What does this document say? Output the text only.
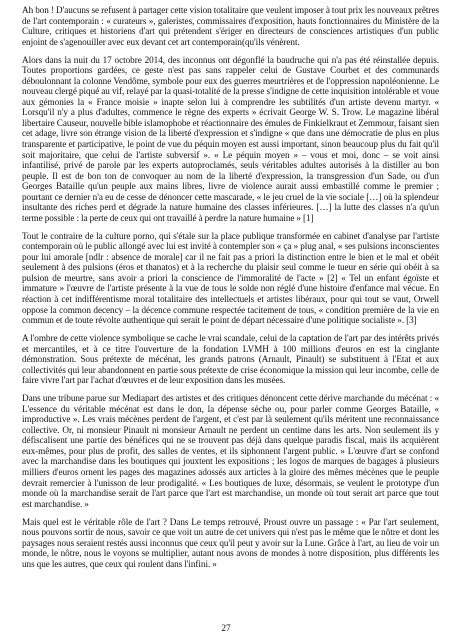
Ah bon ! D'aucuns se refusent à partager cette vision totalitaire que veulent imposer à tout prix les nouveaux prêtres de l'art contemporain : « curateurs », galeristes, commissaires d'exposition, hauts fonctionnaires du Ministère de la Culture, critiques et historiens d'art qui prétendent s'ériger en directeurs de consciences artistiques d'un public enjoint de s'agenouiller avec eux devant cet art contemporain(qu'ils vénèrent.

Alors dans la nuit du 17 octobre 2014, des inconnus ont dégonflé la baudruche qui n'a pas été réinstallée depuis. Toutes proportions gardées, ce geste n'est pas sans rappeler celui de Gustave Courbet et des communards déboulonnant la colonne Vendôme, symbole pour eux des guerres meurtrières et de l'oppression napoléonienne. Le nouveau clergé piqué au vif, relayé par la quasi-totalité de la presse s'indigne de cette inquisition intolérable et voue aux gémonies la « France moisie » inapte selon lui à comprendre les subtilités d'un artiste devenu martyr. « Lorsqu'il n'y a plus d'adultes, commence le règne des experts » écrivait George W. S. Trow. Le magazine libéral libertaire Causeur, nouvelle bible islamophobe et réactionnaire des émules de Finkielkraut et Zemmour, faisant sien cet adage, livre son étrange vision de la liberté d'expression et s'indigne « que dans une démocratie de plus en plus transparente et participative, le point de vue du péquin moyen est aussi important, sinon beaucoup plus du fait qu'il soit majoritaire, que celui de l'artiste subversif ». « Le péquin moyen » – vous et moi, donc – se voit ainsi infantilisé, privé de parole par les experts autoproclamés, seuls véritables adultes autorisés à la distiller au bon peuple. Il est de bon ton de convoquer au nom de la liberté d'expression, la transgression d'un Sade, ou d'un Georges Bataille qu'un peuple aux mains libres, livre de violence aurait aussi embastillé comme le premier ; pourtant ce dernier n'a eu de cesse de dénoncer cette mascarade, « le jeu cruel de la vie sociale […] où la splendeur insultante des riches perd et dégrade la nature humaine des classes inférieures. […] la lutte des classes n'a qu'un terme possible : la perte de ceux qui ont travaillé à perdre la nature humaine » [1]

Tout le contraire de la culture porno, qui s'étale sur la place publique transformée en cabinet d'analyse par l'artiste contemporain où le public allongé avec lui est invité à contempler son « ça » plug anal, « ses pulsions inconscientes pour lui amorale [ndlr : absence de morale] car il ne fait pas a priori la distinction entre le bien et le mal et obéit seulement à des pulsions (éros et thanatos) et à la recherche du plaisir seul comme le tueur en série qui obéit à sa pulsion de meurtre, sans avoir a priori la conscience de l'immoralité de l'acte » [2] « Tel un enfant égoïste et immature » l'œuvre de l'artiste présente à la vue de tous le solde non réglé d'une histoire d'enfance mal vécue. En réaction à cet indifférentisme moral totalitaire des intellectuels et artistes libéraux, pour qui tout se vaut, Orwell oppose la common decency – la décence commune respectée tacitement de tous, « condition première de la vie en commun et de toute révolte authentique qui serait le point de départ nécessaire d'une politique socialiste ». [3]

A l'ombre de cette violence symbolique se cache le vrai scandale, celui de la captation de l'art par des intérêts privés et mercantiles, et à ce titre l'ouverture de la fondation LVMH à 100 millions d'euros en est la cinglante démonstration. Sous prétexte de mécénat, les grands patrons (Arnault, Pinault) se substituent à l'Etat et aux collectivités qui leur abandonnent en partie sous prétexte de crise économique la mission qui leur incombe, celle de faire vivre l'art par l'achat d'œuvres et de leur exposition dans les musées.

Dans une tribune parue sur Mediapart des artistes et des critiques dénoncent cette dérive marchande du mécénat : « L'essence du véritable mécénat est dans le don, la dépense sèche ou, pour parler comme Georges Bataille, « improductive ». Les vrais mécènes perdent de l'argent, et c'est par là seulement qu'ils méritent une reconnaissance collective. Or, ni monsieur Pinault ni monsieur Arnault ne perdent un centime dans les arts. Non seulement ils y défiscalisent une partie des bénéfices qui ne se trouvent pas déjà dans quelque paradis fiscal, mais ils acquièrent eux-mêmes, pour plus de profit, des salles de ventes, et ils siphonnent l'argent public. » L'œuvre d'art se confond avec la marchandise dans les boutiques qui jouxtent les expositions ; les logos de marques de bagages à plusieurs milliers d'euros ornent les pages des magazines adossés aux articles à la gloire des mêmes mécènes que le peuple devrait remercier à l'unisson de leur prodigalité. « Les boutiques de luxe, désormais, se veulent le prototype d'un monde où la marchandise serait de l'art parce que l'art est marchandise, un monde où tout serait art parce que tout est marchandise. »

Mais quel est le véritable rôle de l'art ? Dans Le temps retrouvé, Proust ouvre un passage : « Par l'art seulement, nous pouvons sortir de nous, savoir ce que voit un autre de cet univers qui n'est pas le même que le nôtre et dont les paysages nous seraient restés aussi inconnus que ceux qu'il peut y avoir sur la Lune. Grâce à l'art, au lieu de voir un monde, le nôtre, nous le voyons se multiplier, autant nous avons de mondes à notre disposition, plus différents les uns que les autres, que ceux qui roulent dans l'infini. »

27
